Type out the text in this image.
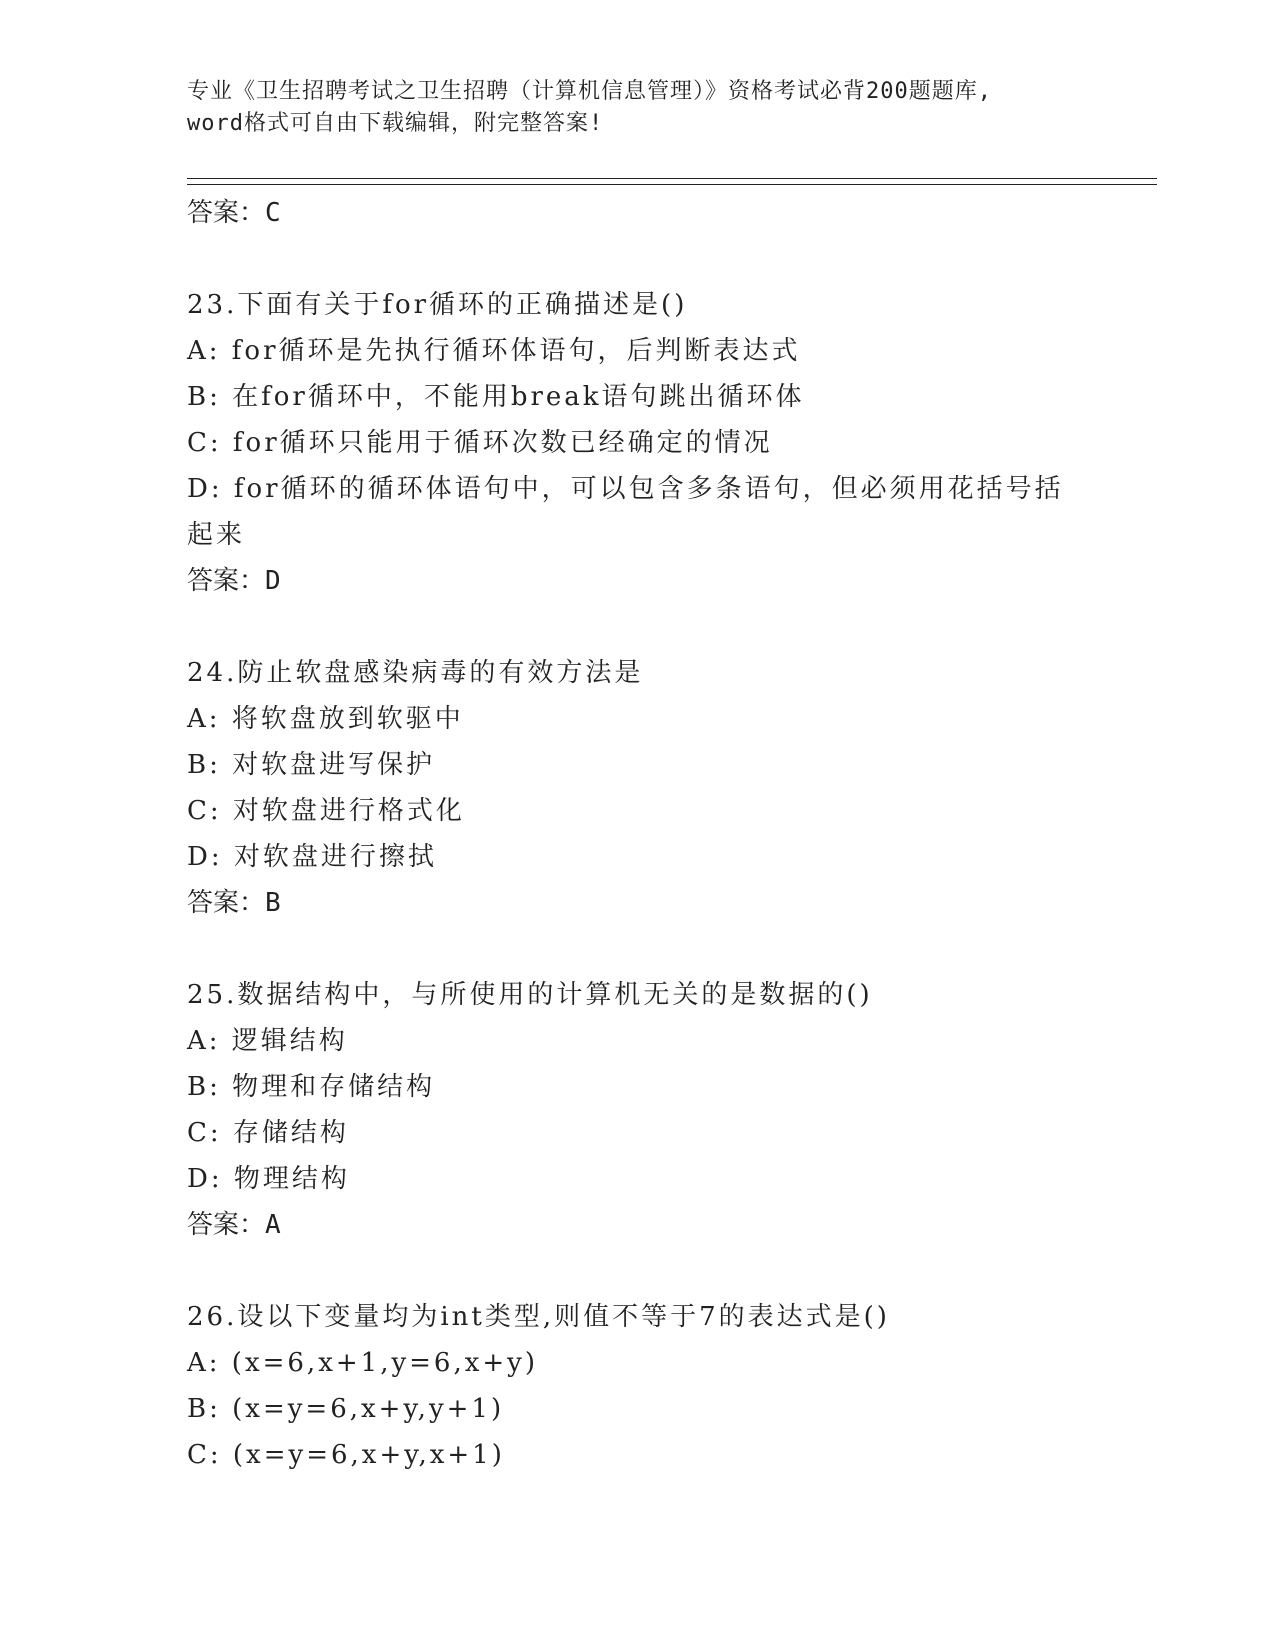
专业《卫生招聘考试之卫生招聘（计算机信息管理）》资格考试必背200题题库,
word格式可自由下载编辑，附完整答案!
答案：C
23.下面有关于for循环的正确描述是()
A: for循环是先执行循环体语句，后判断表达式
B: 在for循环中，不能用break语句跳出循环体
C: for循环只能用于循环次数已经确定的情况
D: for循环的循环体语句中，可以包含多条语句，但必须用花括号括起来
答案：D
24.防止软盘感染病毒的有效方法是
A: 将软盘放到软驱中
B: 对软盘进写保护
C: 对软盘进行格式化
D: 对软盘进行擦拭
答案：B
25.数据结构中，与所使用的计算机无关的是数据的()
A: 逻辑结构
B: 物理和存储结构
C: 存储结构
D: 物理结构
答案：A
26.设以下变量均为int类型,则值不等于7的表达式是()
A: (x=6,x+1,y=6,x+y)
B: (x=y=6,x+y,y+1)
C: (x=y=6,x+y,x+1)
